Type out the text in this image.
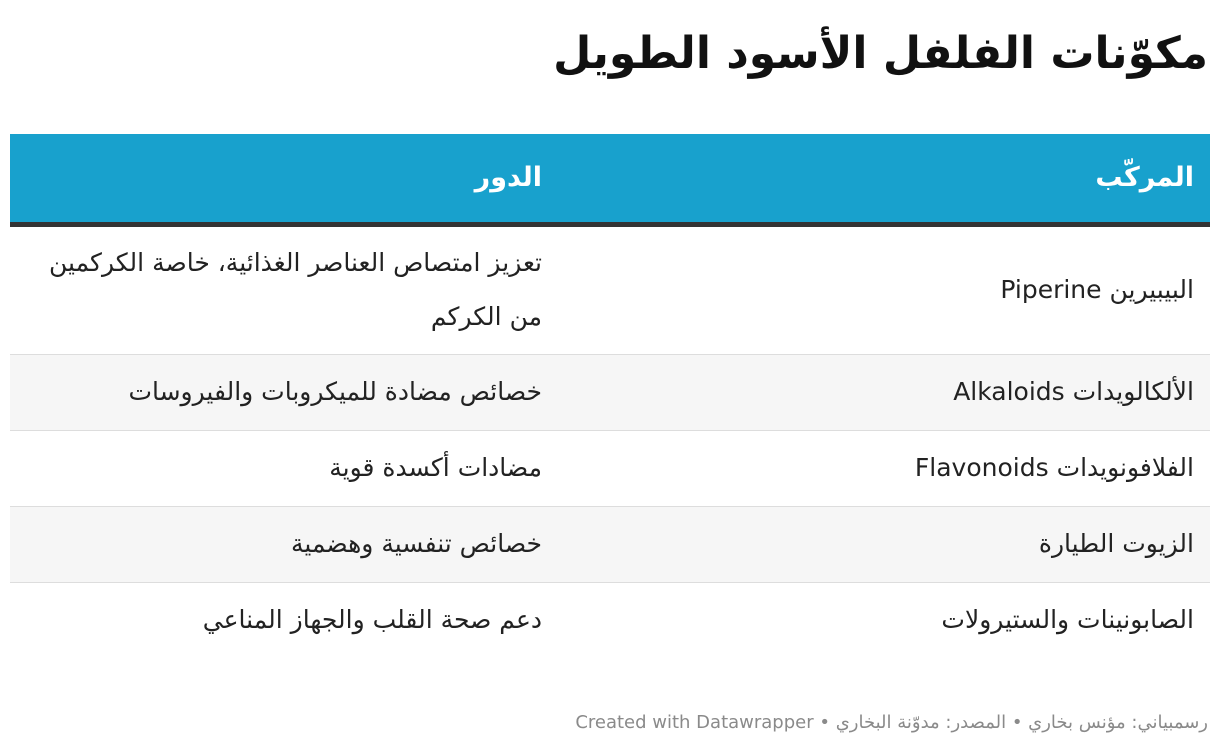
مكوّنات الفلفل الأسود الطويل
المركّب	الدور
البيبيرين Piperine	تعزيز امتصاص العناصر الغذائية، خاصة الكركمين من الكركم
الألكالويدات Alkaloids	خصائص مضادة للميكروبات والفيروسات
الفلافونويدات Flavonoids	مضادات أكسدة قوية
الزيوت الطيارة	خصائص تنفسية وهضمية
الصابونينات والستيرولات	دعم صحة القلب والجهاز المناعي
رسمبياني: مؤنس بخاري • المصدر: مدوّنة البخاري • Created with Datawrapper
